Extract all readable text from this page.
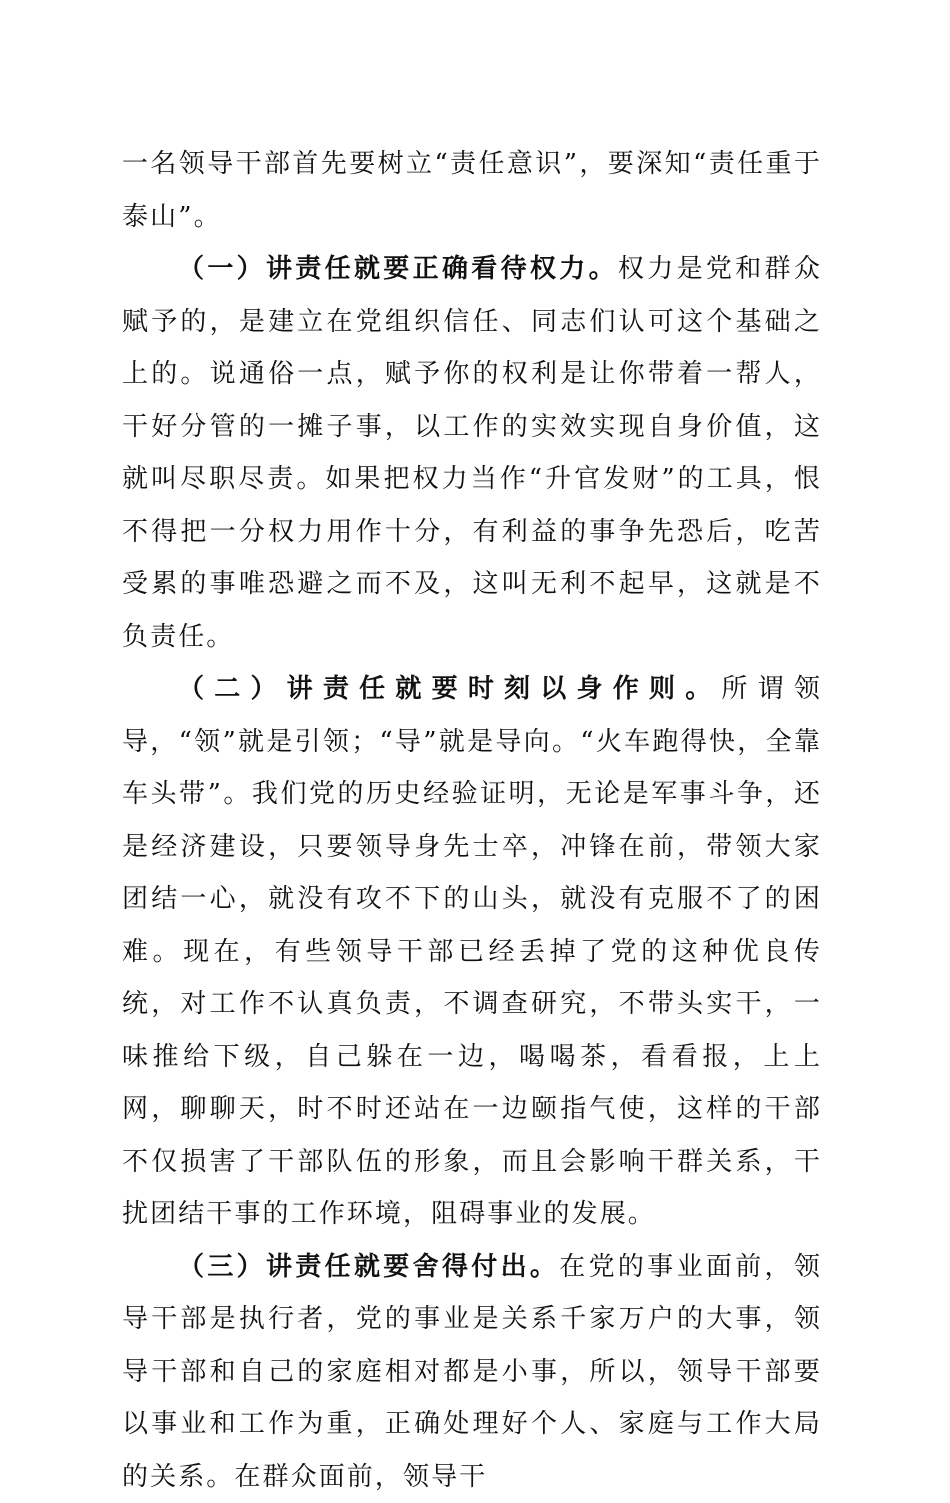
一名领导干部首先要树立“责任意识”，要深知“责任重于泰山”。

（一）讲责任就要正确看待权力。权力是党和群众赋予的，是建立在党组织信任、同志们认可这个基础之上的。说通俗一点，赋予你的权利是让你带着一帮人，干好分管的一摊子事，以工作的实效实现自身价值，这就叫尽职尽责。如果把权力当作“升官发财”的工具，恨不得把一分权力用作十分，有利益的事争先恐后，吃苦受累的事唯恐避之而不及，这叫无利不起早，这就是不负责任。

（二）讲责任就要时刻以身作则。所谓领导，“领”就是引领；“导”就是导向。“火车跑得快，全靠车头带”。我们党的历史经验证明，无论是军事斗争，还是经济建设，只要领导身先士卒，冲锋在前，带领大家团结一心，就没有攻不下的山头，就没有克服不了的困难。现在，有些领导干部已经丢掉了党的这种优良传统，对工作不认真负责，不调查研究，不带头实干，一味推给下级，自己躲在一边，喝喝茶，看看报，上上网，聊聊天，时不时还站在一边颐指气使，这样的干部不仅损害了干部队伍的形象，而且会影响干群关系，干扰团结干事的工作环境，阻碍事业的发展。

（三）讲责任就要舍得付出。在党的事业面前，领导干部是执行者，党的事业是关系千家万户的大事，领导干部和自己的家庭相对都是小事，所以，领导干部要以事业和工作为重，正确处理好个人、家庭与工作大局的关系。在群众面前，领导干
